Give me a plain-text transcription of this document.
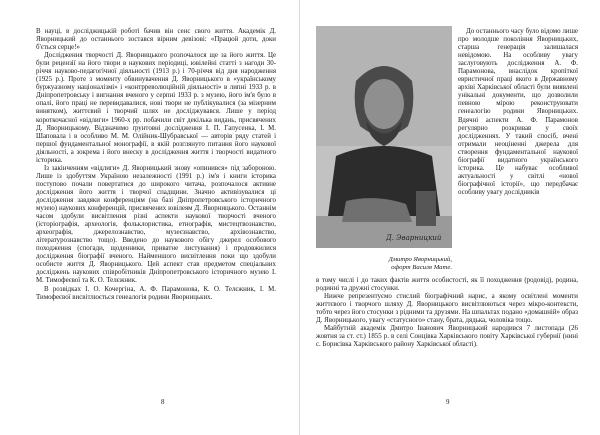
В науці, в досліджицькій роботі бачив він сенс свого життя. Академік Д. Яворницький до останнього зостався вірним девізові: «Працюй доти, доки б'ється серце!»

Дослідження творчості Д. Яворницького розпочалося ще за його життя. Це були рецензії на його твори в наукових періодиці, ювілейні статті з нагоди 30-річчя науково-педагогічної діяльності (1913 р.) і 70-річчя від дня народження (1925 р.). Проте з моменту обвинувачення Д. Яворницького в «українському буржуазному націоналізмі» і «контрреволюційній діяльності» в липні 1933 р. в Дніпропетровську і вигнання вченого у серпні 1933 р. з музею, його ім'я було в опалі, його праці не перевидавалися, нові твори не публікувалися (за мізерним винятком), життєвий і творчий шлях не досліджувався. Лише у період короткочасної «відлиги» 1960-х рр. побачили світ декілька видань, присвячених Д. Яворницькому. Відзначимо ґрунтовні дослідження І. П. Гапусенка, І. М. Шаповала і в особливо М. М. Олійник-Шубравської — авторів ряду статей і першої фундаментальної монографії, в якій розглянуто питання його наукової діяльності, а зокрема і його внеску в дослідження життя і творчості видатного історика.

Із закінченням «відлиги» Д. Яворницький знову «опинився» під забороною. Лише із здобуттям Україною незалежності (1991 р.) ім'я і книги історика поступово почали повертатися до широкого читача, розпочалося активне дослідження його життя і творчої спадщини. Значно активізувалися ці дослідження завдяки конференціям (на базі Дніпропетровського історичного музею) наукових конференцій, присвячених ювілеям Д. Яворницького. Останнім часом здобули висвітлення різні аспекти наукової творчості вченого (історіографія, археологія, фольклористика, етнографія, мистецтвознавство, археографія, джерелознавство, музеєзнавство, архівознавство, літературознавство тощо). Введено до наукового обігу джерел особового походження (спогади, щоденники, приватне листування) і продовжилися дослідження біографії вченого. Найменшого висвітлення поки що здобули особисте життя Д. Яворницького. Цей аспект став предметом спеціальних досліджень наукових співробітників Дніпропетровського історичного музею І. М. Тимофеєвої та К. О. Телєжник.

В розвідках І. О. Кочергіна, А. Ф. Парамонова, К. О. Телєжник, І. М. Тимофеєвої висвітлюється генеалогія родини Яворницьких.

8
Д. Эварницкий
Дмитро Яворницький,
офорт Василя Мате.

До останнього часу було відомо лише про молодше покоління Яворницьких, старша генерація залишалася невідомою. На особливу увагу заслуговують дослідження А. Ф. Парамонова, внаслідок кропіткої евристичної праці якого в Державному архіві Харківської області були виявлені унікальні документи, що дозволили певною мірою реконструювати генеалогію родини Яворницьких. Вдячні аспекти А. Ф. Парамонов регулярно розкривав у своїх дослідженнях. У такий спосіб, вчені отримали неоціненні джерела для створення фундаментальної наукової біографії видатного українського історика. Це набуває особливої актуальності у світлі «нової біографічної історії», що передбачає особливу увагу дослідників

в тому числі і до таких фактів життя особистості, як її походження (родовід), родина, родинні та дружні стосунки.

Нижче репрезентуємо стислий біографічний нарис, а якому освітлені моменти життєвого і творчого шляху Д. Яворницького висвітлюються через мікро-контексти, тобто через його стосунки з рідними та друзями. На шпальтах подано «домашній» образ Д. Яворницького, увагу «статусного» стану, брата, дядька, чоловіка тощо.

Майбутній академік Дмитро Іванович Яворницький народився 7 листопада (26 жовтня за ст. ст.) 1855 р. в селі Сонцівка Харківського повіту Харківської губернії (нині с. Борисівка Харківського району Харківської області).

9
